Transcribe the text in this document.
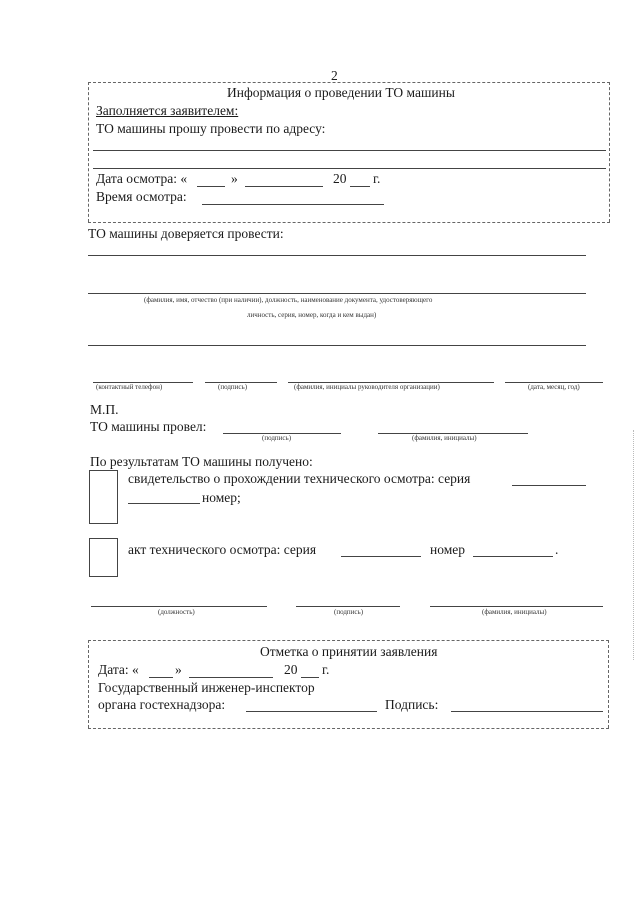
2
Информация о проведении ТО машины
Заполняется заявителем:
ТО машины прошу провести по адресу:
Дата осмотра: «	»	20 г.
Время осмотра:
ТО машины доверяется провести:
(фамилия, имя, отчество (при наличии), должность, наименование документа, удостоверяющего
личность, серия, номер, когда и кем выдан)
(контактный телефон)	(подпись)	(фамилия, инициалы руководителя организации)	(дата, месяц, год)
М.П.
ТО машины провел:
(подпись)	(фамилия, инициалы)
По результатам ТО машины получено:
свидетельство о прохождении технического осмотра: серия
номер;
акт технического осмотра: серия	номер	.
(должность)	(подпись)	(фамилия, инициалы)
Отметка о принятии заявления
Дата: «	»	20 г.
Государственный инженер-инспектор
органа гостехнадзора:	Подпись:
